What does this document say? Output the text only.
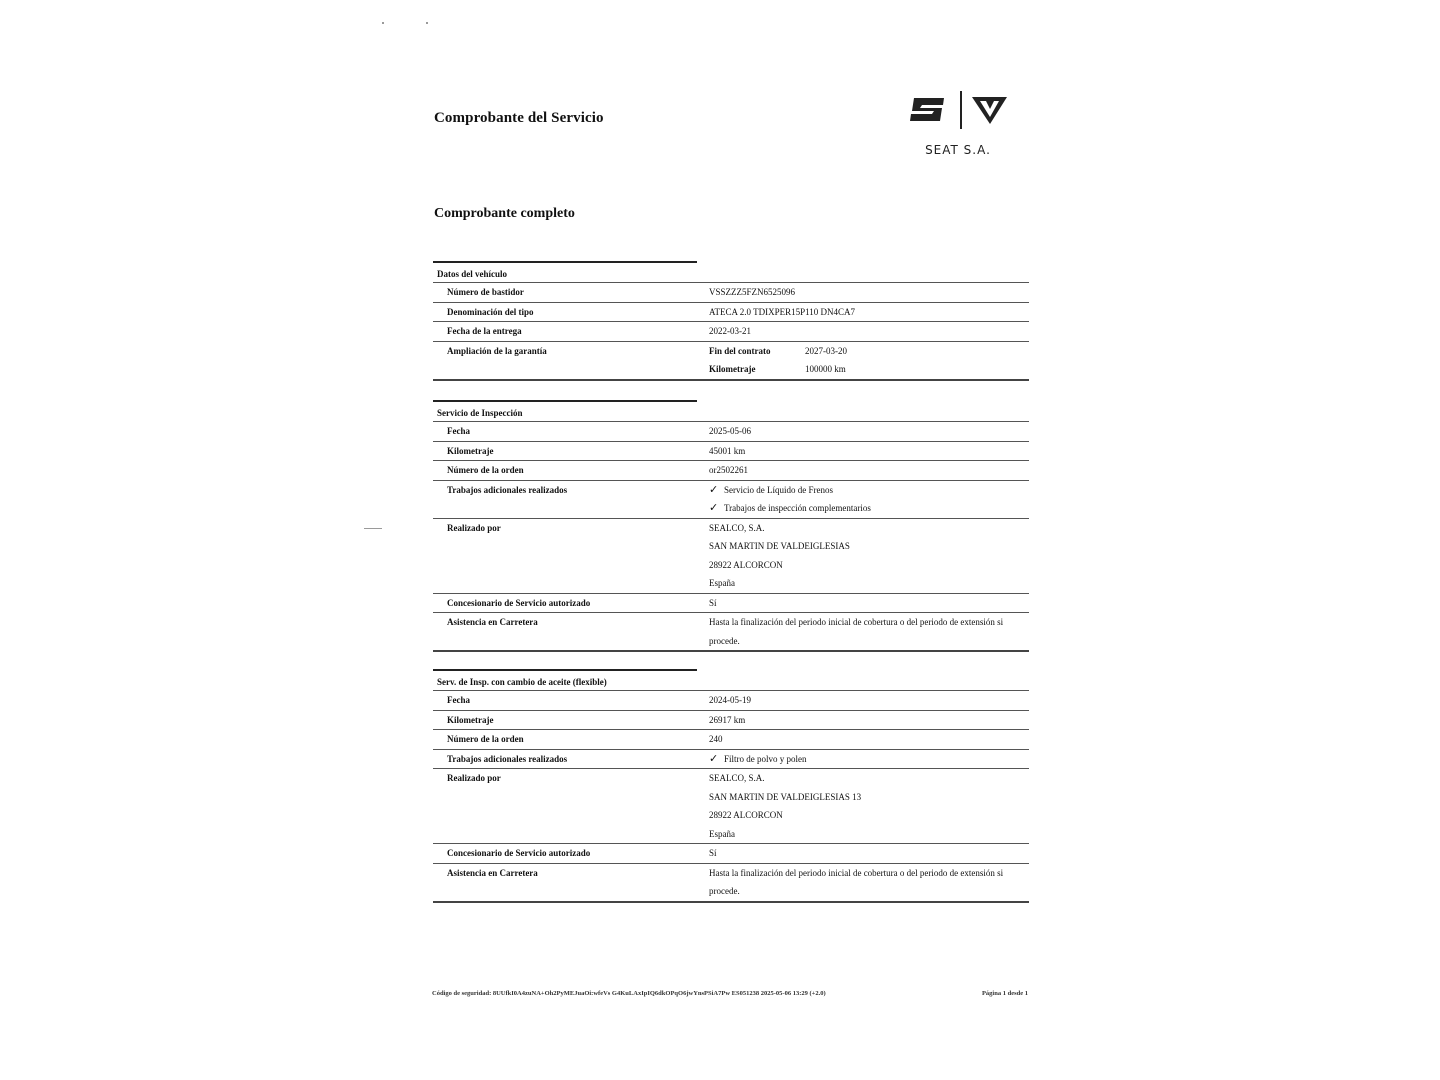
Comprobante del Servicio
SEAT S.A.
Comprobante completo
Datos del vehículo
Número de bastidor	VSSZZZ5FZN6525096
Denominación del tipo	ATECA 2.0 TDIXPER15P110 DN4CA7
Fecha de la entrega	2022-03-21
Ampliación de la garantía	Fin del contrato	2027-03-20
Kilometraje	100000 km
Servicio de Inspección
Fecha	2025-05-06
Kilometraje	45001 km
Número de la orden	or2502261
Trabajos adicionales realizados	✓ Servicio de Líquido de Frenos
✓ Trabajos de inspección complementarios
Realizado por	SEALCO, S.A.
SAN MARTIN DE VALDEIGLESIAS
28922 ALCORCON
España
Concesionario de Servicio autorizado	Sí
Asistencia en Carretera	Hasta la finalización del periodo inicial de cobertura o del periodo de extensión si procede.
Serv. de Insp. con cambio de aceite (flexible)
Fecha	2024-05-19
Kilometraje	26917 km
Número de la orden	240
Trabajos adicionales realizados	✓ Filtro de polvo y polen
Realizado por	SEALCO, S.A.
SAN MARTIN DE VALDEIGLESIAS 13
28922 ALCORCON
España
Concesionario de Servicio autorizado	Sí
Asistencia en Carretera	Hasta la finalización del periodo inicial de cobertura o del periodo de extensión si procede.
Código de seguridad: 8UUfkI0A4zuNA+Oh2PyMEJuaOi:wfeVs G4KuLAxIpIQ6dkOPqO6jwYnsPSiA7Pw ES051238 2025-05-06 13:29 (+2.0)	Página 1 desde 1
